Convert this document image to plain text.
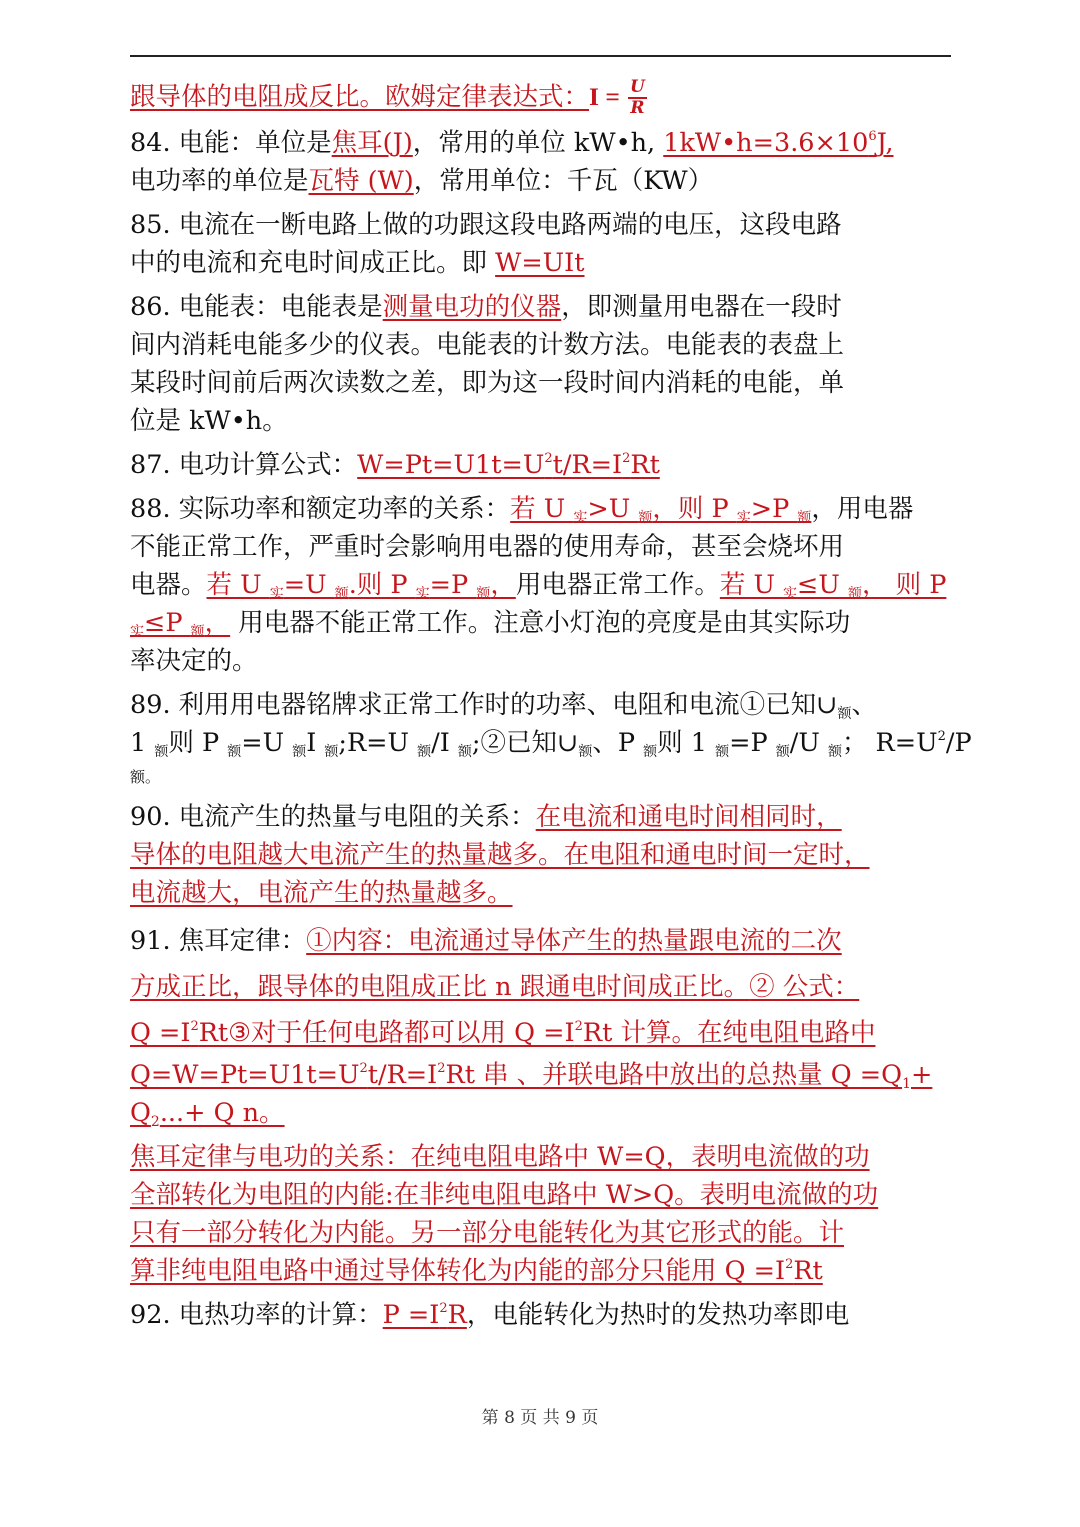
跟导体的电阻成反比。欧姆定律表达式：$I = \frac{U}{R}$
84. 电能：单位是焦耳(J)，常用的单位 kW•h, $1kW•h=3.6\times 10^6J$,
电功率的单位是瓦特 (W)，常用单位：千瓦（KW）
85. 电流在一断电路上做的功跟这段电路两端的电压，这段电路
中的电流和充电时间成正比。即 W=UIt
86. 电能表：电能表是测量电功的仪器，即测量用电器在一段时
间内消耗电能多少的仪表。电能表的计数方法。电能表的表盘上
某段时间前后两次读数之差，即为这一段时间内消耗的电能，单
位是 kW•h。
87. 电功计算公式：$W=Pt=U1t=U^2t/R=I^2Rt$
88. 实际功率和额定功率的关系：若 U $_实$>U $_额$，则 P $_实$>P $_额$，用电器
不能正常工作，严重时会影响用电器的使用寿命，甚至会烧坏用
电器。若 U $_实$=U $_额$.则 P $_实$=P $_额$，用电器正常工作。若 U $_实$≤U $_额$， 则 P
$_实$≤P $_额$， 用电器不能正常工作。注意小灯泡的亮度是由其实际功
率决定的。
89. 利用用电器铭牌求正常工作时的功率、电阻和电流①已知$\cup_额$、
1 $_额$则 P $_额$=U $_额$I $_额$;R=U $_额$/I $_额$;②已知$\cup_额$、P $_额$则 1 $_额$=P $_额$/U $_额$； $R=U^2/P$
额。
90. 电流产生的热量与电阻的关系：在电流和通电时间相同时，
导体的电阻越大电流产生的热量越多。在电阻和通电时间一定时，
电流越大，电流产生的热量越多。
91. 焦耳定律：①内容：电流通过导体产生的热量跟电流的二次
方成正比，跟导体的电阻成正比 n 跟通电时间成正比。② 公式：
$Q =I^2Rt③$对于任何电路都可以用 $Q =I^2Rt$ 计算。在纯电阻电路中
$Q=W=Pt=U1t=U^2t/R=I^2Rt$ 串 、并联电路中放出的总热量 $Q =Q_1+$
$Q_2...+ Q$ n。
焦耳定律与电功的关系：在纯电阻电路中 W=Q，表明电流做的功
全部转化为电阻的内能:在非纯电阻电路中 W>Q。表明电流做的功
只有一部分转化为内能。另一部分电能转化为其它形式的能。计
算非纯电阻电路中通过导体转化为内能的部分只能用 $Q =I^2Rt$
92. 电热功率的计算：$P =I^2R$，电能转化为热时的发热功率即电
第 8 页 共 9 页
